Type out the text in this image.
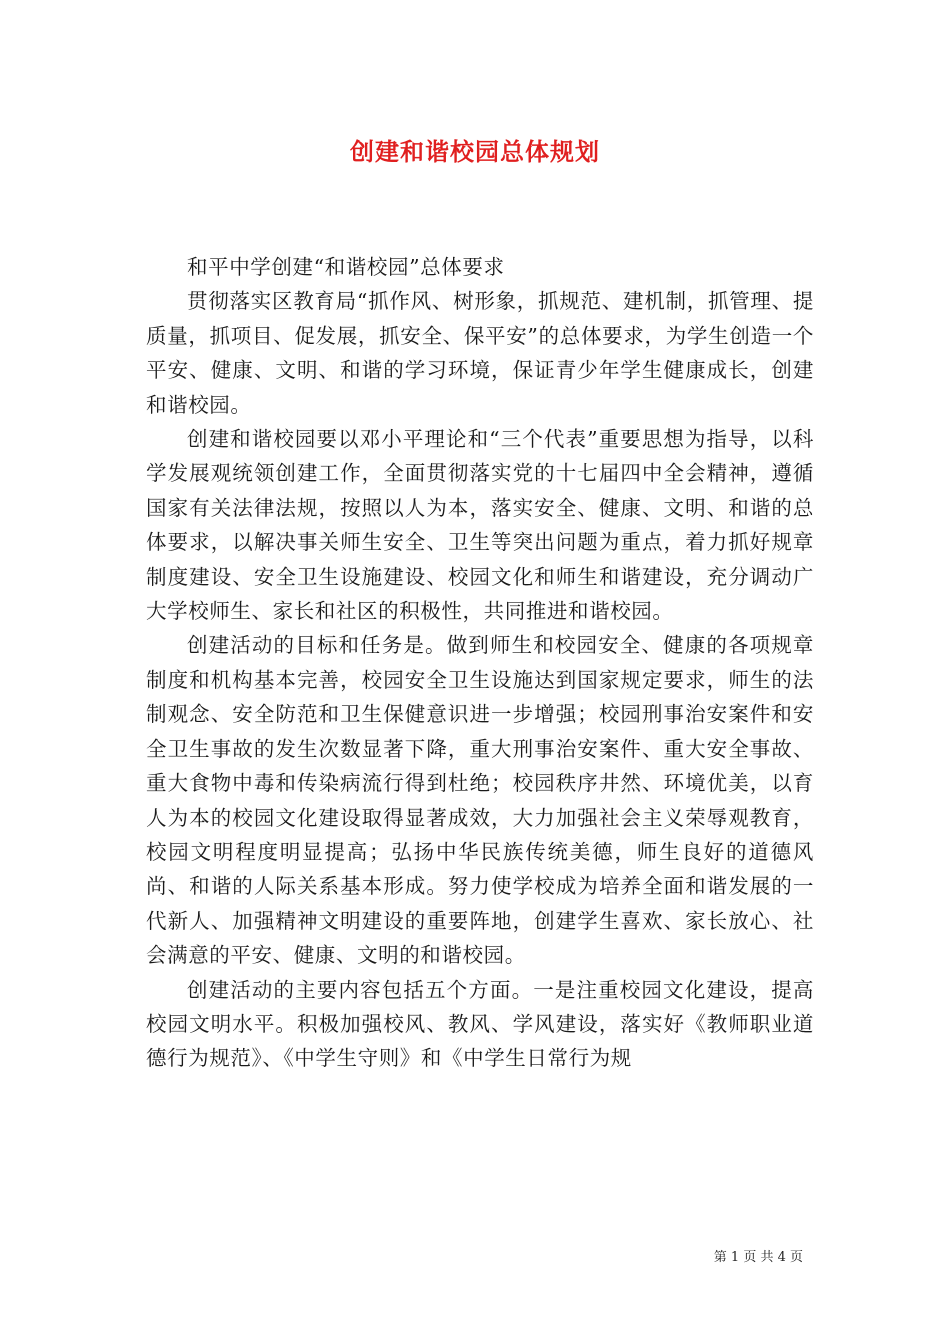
创建和谐校园总体规划

和平中学创建“和谐校园”总体要求

贯彻落实区教育局“抓作风、树形象，抓规范、建机制，抓管理、提质量，抓项目、促发展，抓安全、保平安”的总体要求，为学生创造一个平安、健康、文明、和谐的学习环境，保证青少年学生健康成长，创建和谐校园。

创建和谐校园要以邓小平理论和“三个代表”重要思想为指导，以科学发展观统领创建工作，全面贯彻落实党的十七届四中全会精神，遵循国家有关法律法规，按照以人为本，落实安全、健康、文明、和谐的总体要求，以解决事关师生安全、卫生等突出问题为重点，着力抓好规章制度建设、安全卫生设施建设、校园文化和师生和谐建设，充分调动广大学校师生、家长和社区的积极性，共同推进和谐校园。

创建活动的目标和任务是。做到师生和校园安全、健康的各项规章制度和机构基本完善，校园安全卫生设施达到国家规定要求，师生的法制观念、安全防范和卫生保健意识进一步增强；校园刑事治安案件和安全卫生事故的发生次数显著下降，重大刑事治安案件、重大安全事故、重大食物中毒和传染病流行得到杜绝；校园秩序井然、环境优美，以育人为本的校园文化建设取得显著成效，大力加强社会主义荣辱观教育，校园文明程度明显提高；弘扬中华民族传统美德，师生良好的道德风尚、和谐的人际关系基本形成。努力使学校成为培养全面和谐发展的一代新人、加强精神文明建设的重要阵地，创建学生喜欢、家长放心、社会满意的平安、健康、文明的和谐校园。

创建活动的主要内容包括五个方面。一是注重校园文化建设，提高校园文明水平。积极加强校风、教风、学风建设，落实好《教师职业道德行为规范》、《中学生守则》和《中学生日常行为规

第 1 页 共 4 页
